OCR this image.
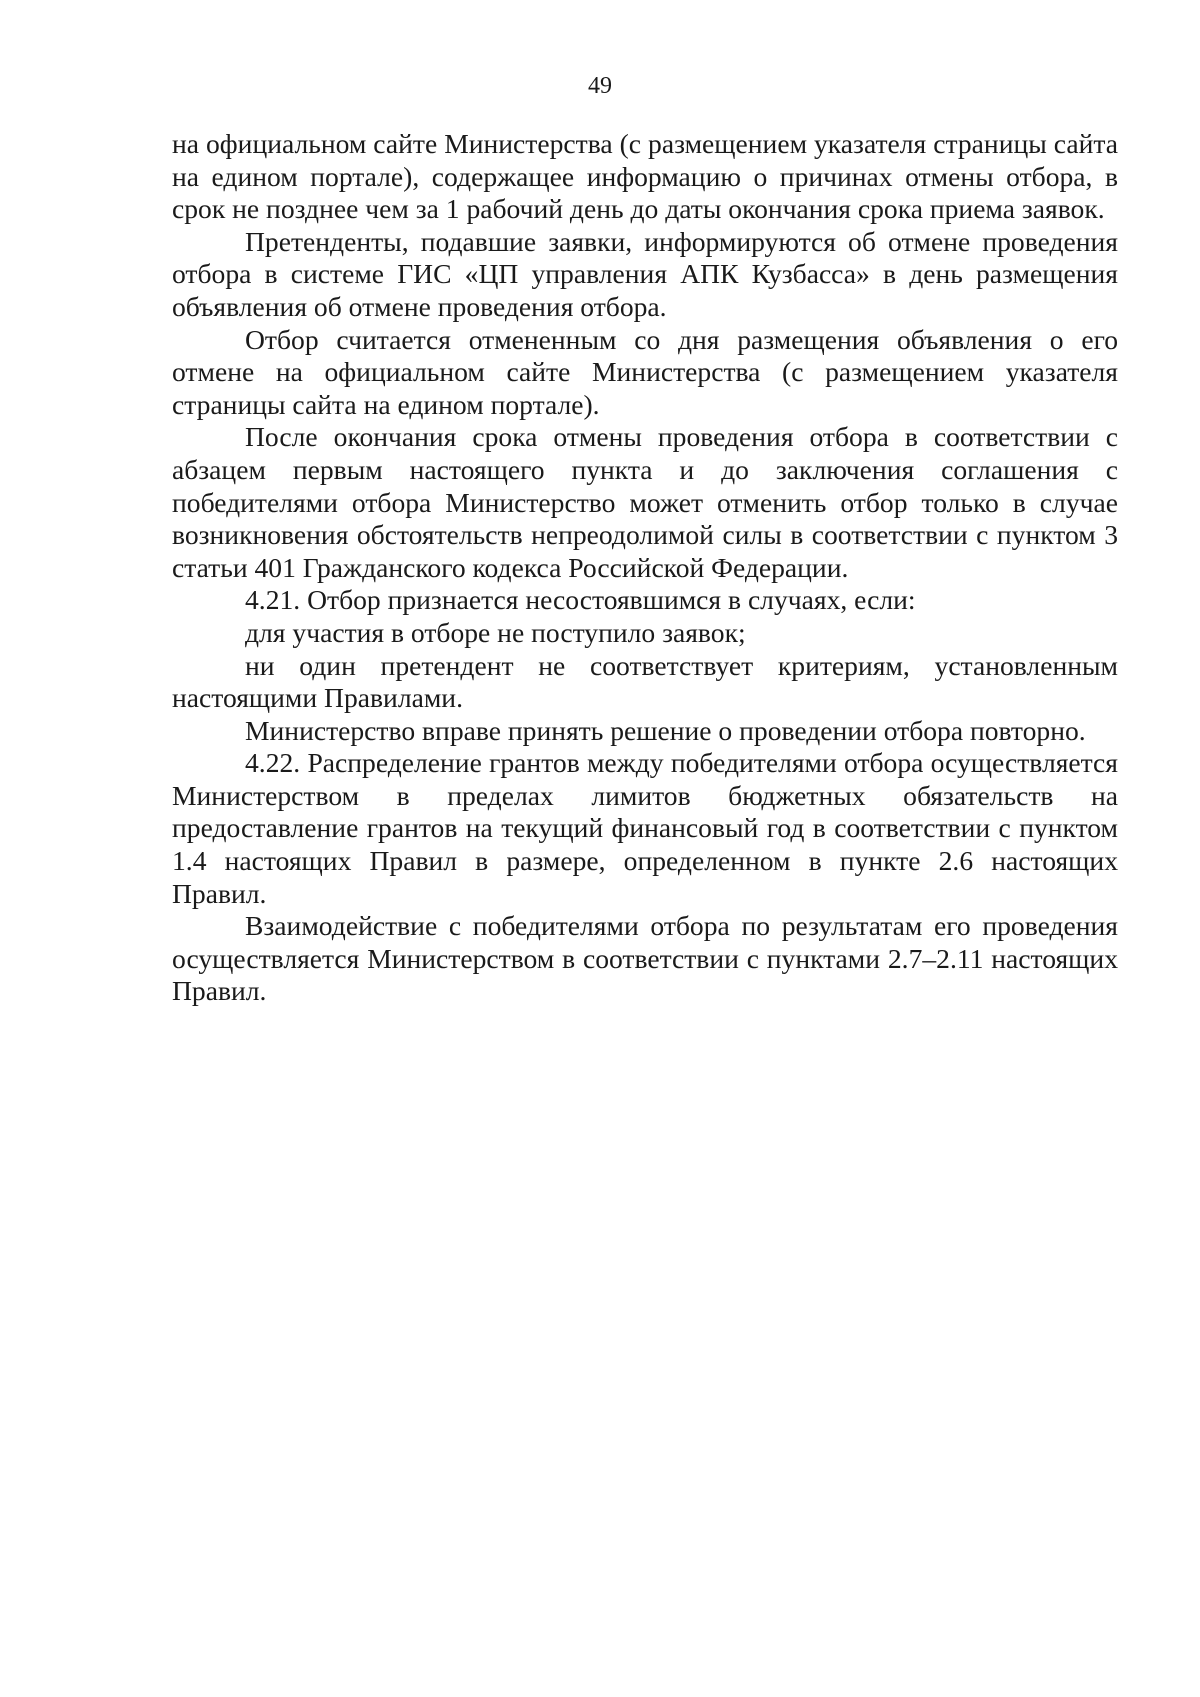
49

на официальном сайте Министерства (с размещением указателя страницы сайта на едином портале), содержащее информацию о причинах отмены отбора, в срок не позднее чем за 1 рабочий день до даты окончания срока приема заявок.

Претенденты, подавшие заявки, информируются об отмене проведения отбора в системе ГИС «ЦП управления АПК Кузбасса» в день размещения объявления об отмене проведения отбора.

Отбор считается отмененным со дня размещения объявления о его отмене на официальном сайте Министерства (с размещением указателя страницы сайта на едином портале).

После окончания срока отмены проведения отбора в соответствии с абзацем первым настоящего пункта и до заключения соглашения с победителями отбора Министерство может отменить отбор только в случае возникновения обстоятельств непреодолимой силы в соответствии с пунктом 3 статьи 401 Гражданского кодекса Российской Федерации.

4.21. Отбор признается несостоявшимся в случаях, если:

для участия в отборе не поступило заявок;

ни один претендент не соответствует критериям, установленным настоящими Правилами.

Министерство вправе принять решение о проведении отбора повторно.

4.22. Распределение грантов между победителями отбора осуществляется Министерством в пределах лимитов бюджетных обязательств на предоставление грантов на текущий финансовый год в соответствии с пунктом 1.4 настоящих Правил в размере, определенном в пункте 2.6 настоящих Правил.

Взаимодействие с победителями отбора по результатам его проведения осуществляется Министерством в соответствии с пунктами 2.7–2.11 настоящих Правил.
